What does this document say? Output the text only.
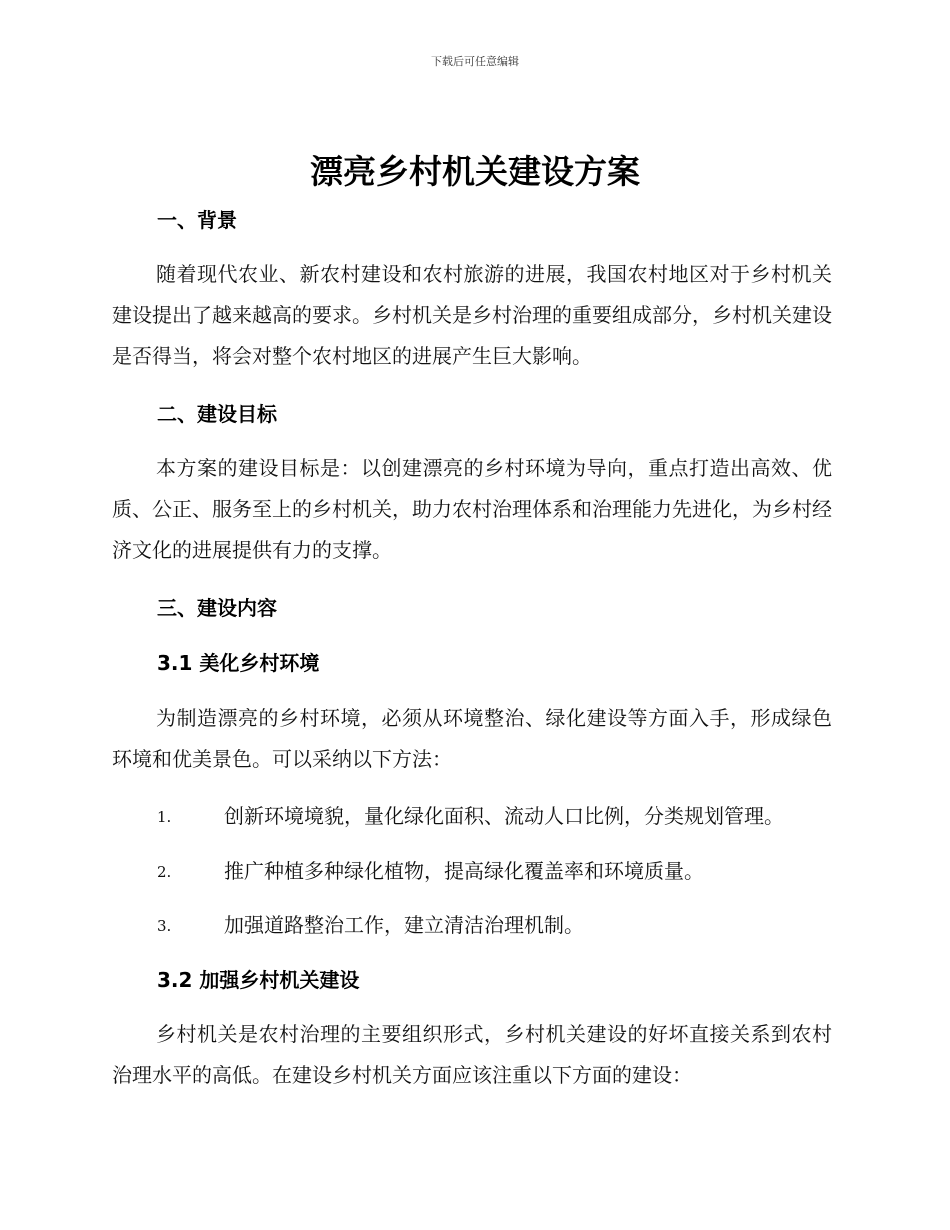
下载后可任意编辑
漂亮乡村机关建设方案
一、背景

随着现代农业、新农村建设和农村旅游的进展，我国农村地区对于乡村机关建设提出了越来越高的要求。乡村机关是乡村治理的重要组成部分，乡村机关建设是否得当，将会对整个农村地区的进展产生巨大影响。

二、建设目标

本方案的建设目标是：以创建漂亮的乡村环境为导向，重点打造出高效、优质、公正、服务至上的乡村机关，助力农村治理体系和治理能力先进化，为乡村经济文化的进展提供有力的支撑。

三、建设内容
3.1 美化乡村环境

为制造漂亮的乡村环境，必须从环境整治、绿化建设等方面入手，形成绿色环境和优美景色。可以采纳以下方法：

1.	创新环境境貌，量化绿化面积、流动人口比例，分类规划管理。
2.	推广种植多种绿化植物，提高绿化覆盖率和环境质量。
3.	加强道路整治工作，建立清洁治理机制。
3.2 加强乡村机关建设

乡村机关是农村治理的主要组织形式，乡村机关建设的好坏直接关系到农村治理水平的高低。在建设乡村机关方面应该注重以下方面的建设：
